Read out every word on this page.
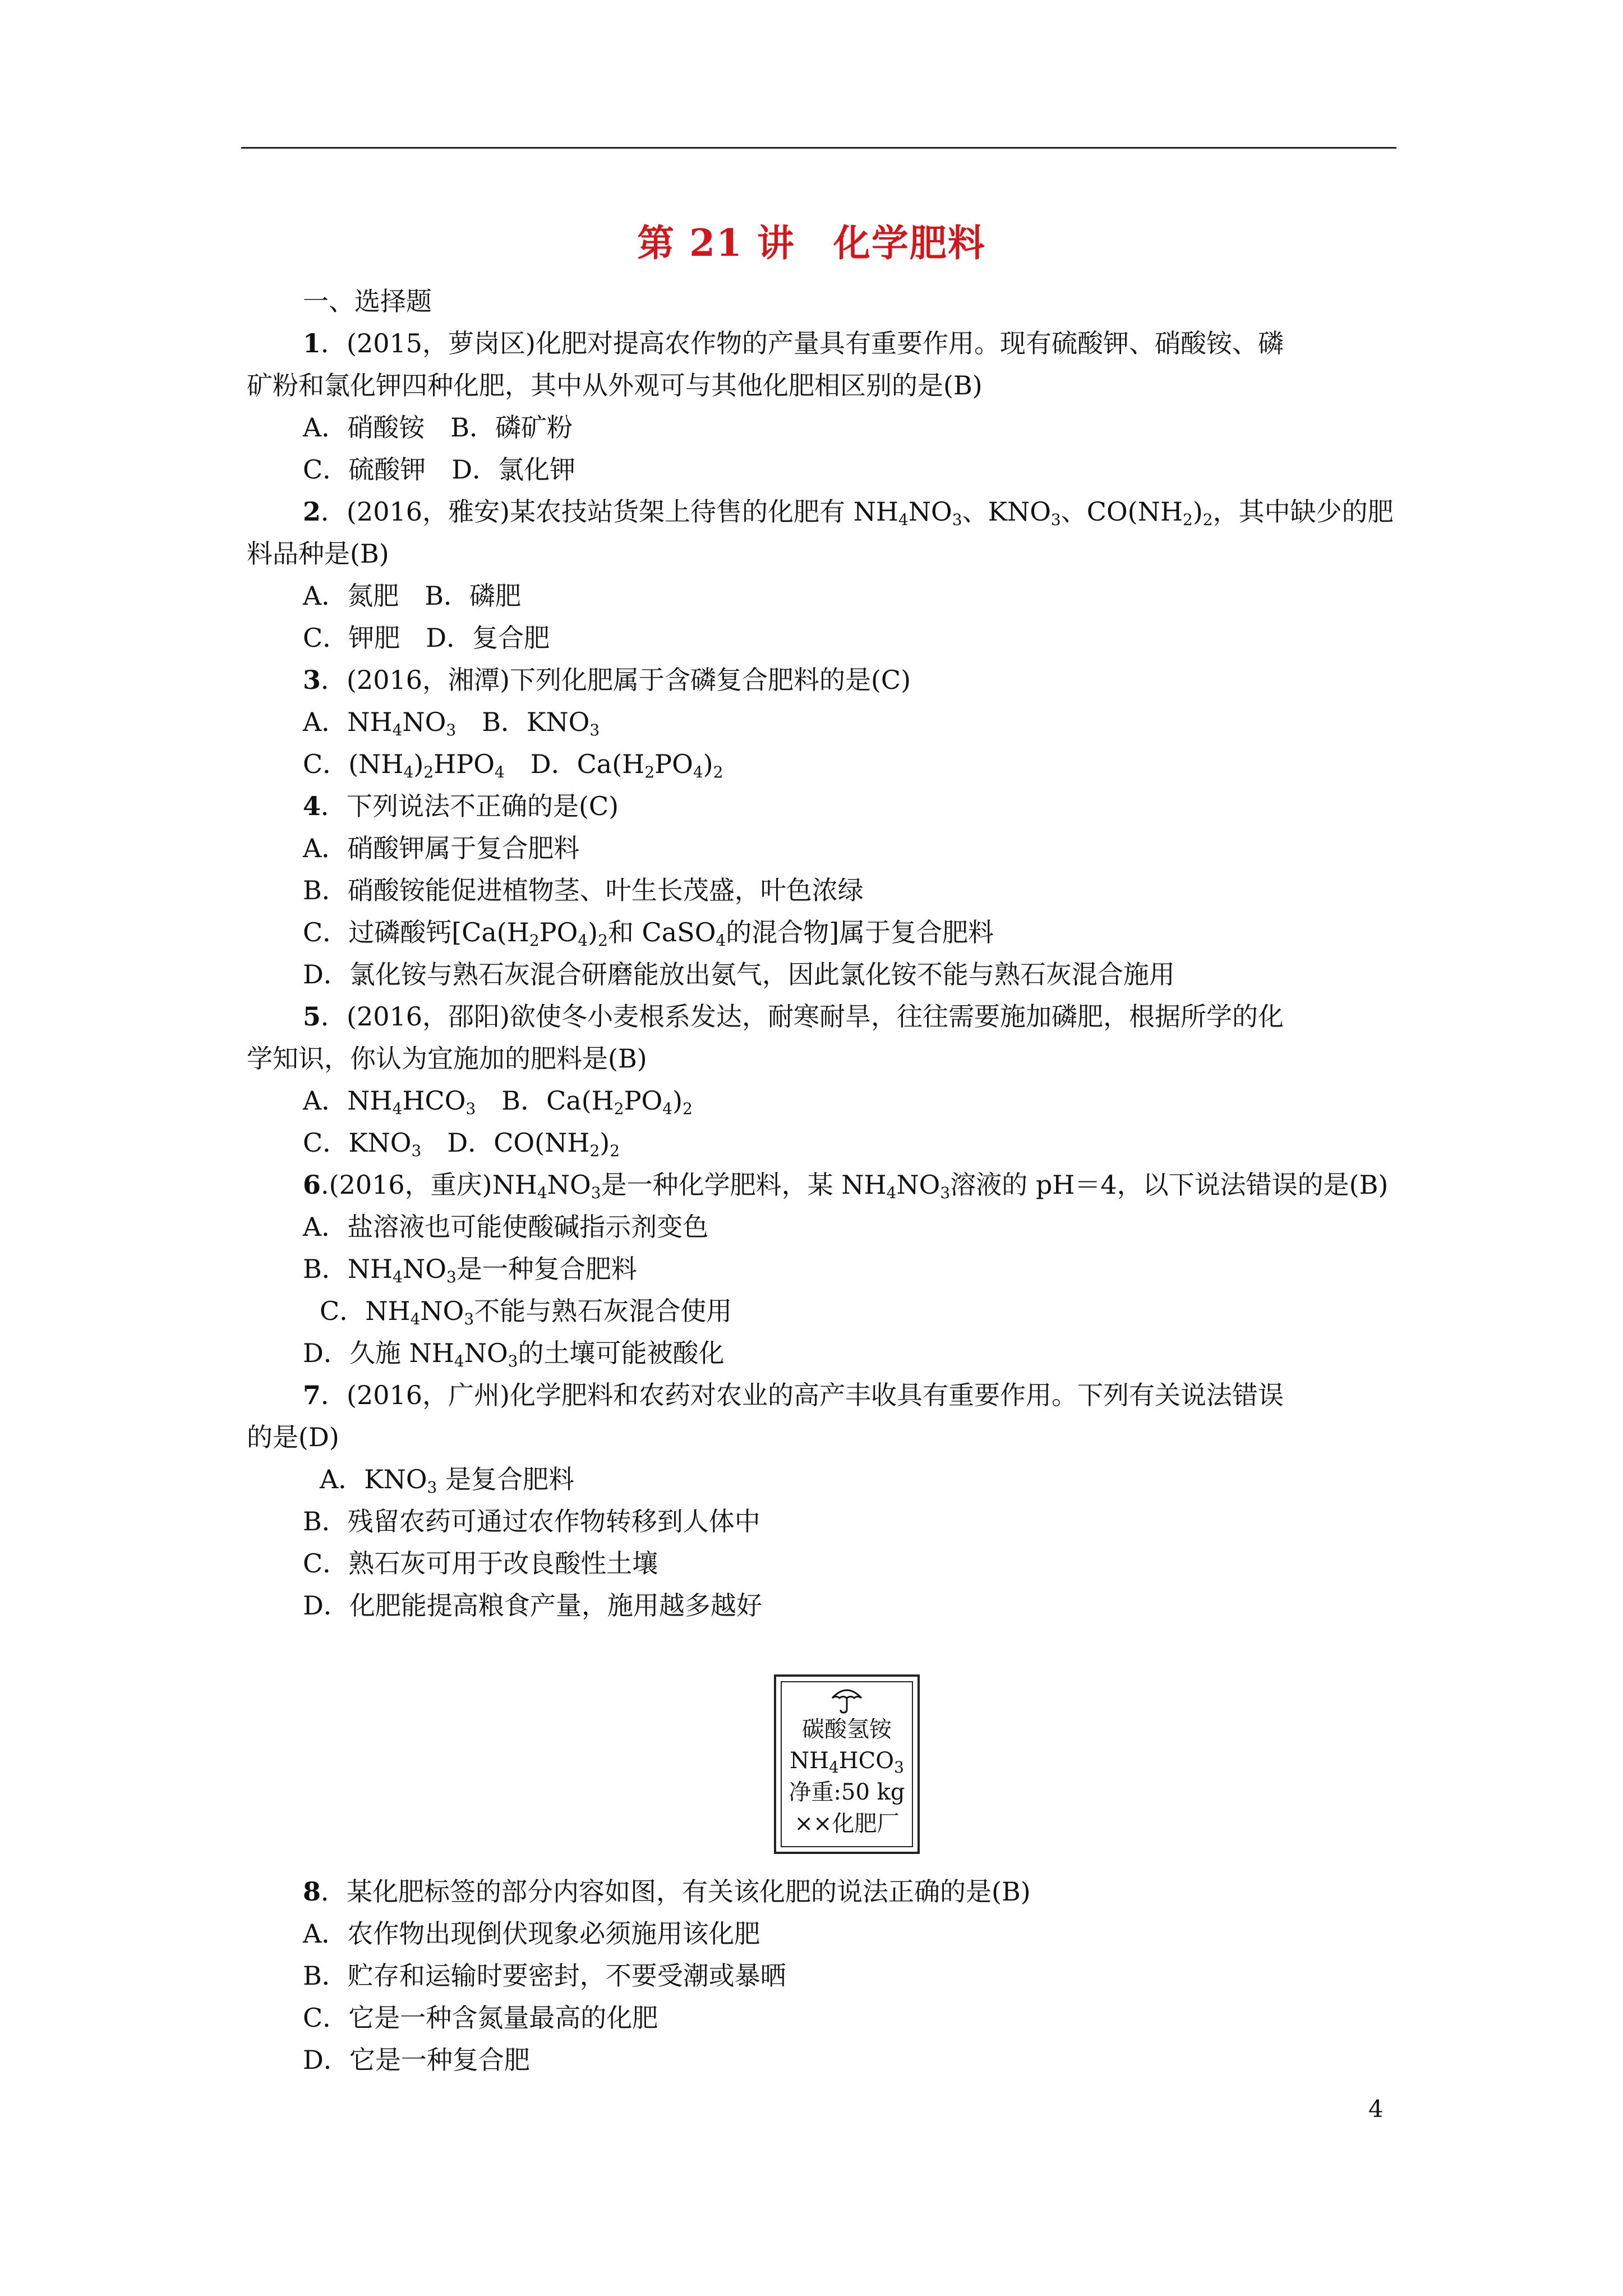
第 21 讲　化学肥料
一、选择题
1．(2015，萝岗区)化肥对提高农作物的产量具有重要作用。现有硫酸钾、硝酸铵、磷
矿粉和氯化钾四种化肥，其中从外观可与其他化肥相区别的是(B)
A．硝酸铵　B．磷矿粉
C．硫酸钾　D．氯化钾
2．(2016，雅安)某农技站货架上待售的化肥有 $NH_4NO_3$、$KNO_3$、$CO(NH_2)_2$，其中缺少的肥
料品种是(B)
A．氮肥　B．磷肥
C．钾肥　D．复合肥
3．(2016，湘潭)下列化肥属于含磷复合肥料的是(C)
A．$NH_4NO_3$　B．$KNO_3$
C．$(NH_4)_2HPO_4$　D．$Ca(H_2PO_4)_2$
4．下列说法不正确的是(C)
A．硝酸钾属于复合肥料
B．硝酸铵能促进植物茎、叶生长茂盛，叶色浓绿
C．过磷酸钙[$Ca(H_2PO_4)_2$和 CaSO$_4$的混合物]属于复合肥料
D．氯化铵与熟石灰混合研磨能放出氨气，因此氯化铵不能与熟石灰混合施用
5．(2016，邵阳)欲使冬小麦根系发达，耐寒耐旱，往往需要施加磷肥，根据所学的化
学知识，你认为宜施加的肥料是(B)
A．$NH_4HCO_3$　B．$Ca(H_2PO_4)_2$
C．$KNO_3$　D．$CO(NH_2)_2$
6.(2016，重庆)$NH_4NO_3$是一种化学肥料，某 $NH_4NO_3$溶液的 pH＝4，以下说法错误的是(B)
A．盐溶液也可能使酸碱指示剂变色
B．$NH_4NO_3$是一种复合肥料
C．$NH_4NO_3$不能与熟石灰混合使用
D．久施 $NH_4NO_3$的土壤可能被酸化
7．(2016，广州)化学肥料和农药对农业的高产丰收具有重要作用。下列有关说法错误
的是(D)
A．$KNO_3$ 是复合肥料
B．残留农药可通过农作物转移到人体中
C．熟石灰可用于改良酸性土壤
D．化肥能提高粮食产量，施用越多越好
碳酸氢铵
$NH_4HCO_3$
净重:50 kg
××化肥厂
8．某化肥标签的部分内容如图，有关该化肥的说法正确的是(B)
A．农作物出现倒伏现象必须施用该化肥
B．贮存和运输时要密封，不要受潮或暴晒
C．它是一种含氮量最高的化肥
D．它是一种复合肥
4
